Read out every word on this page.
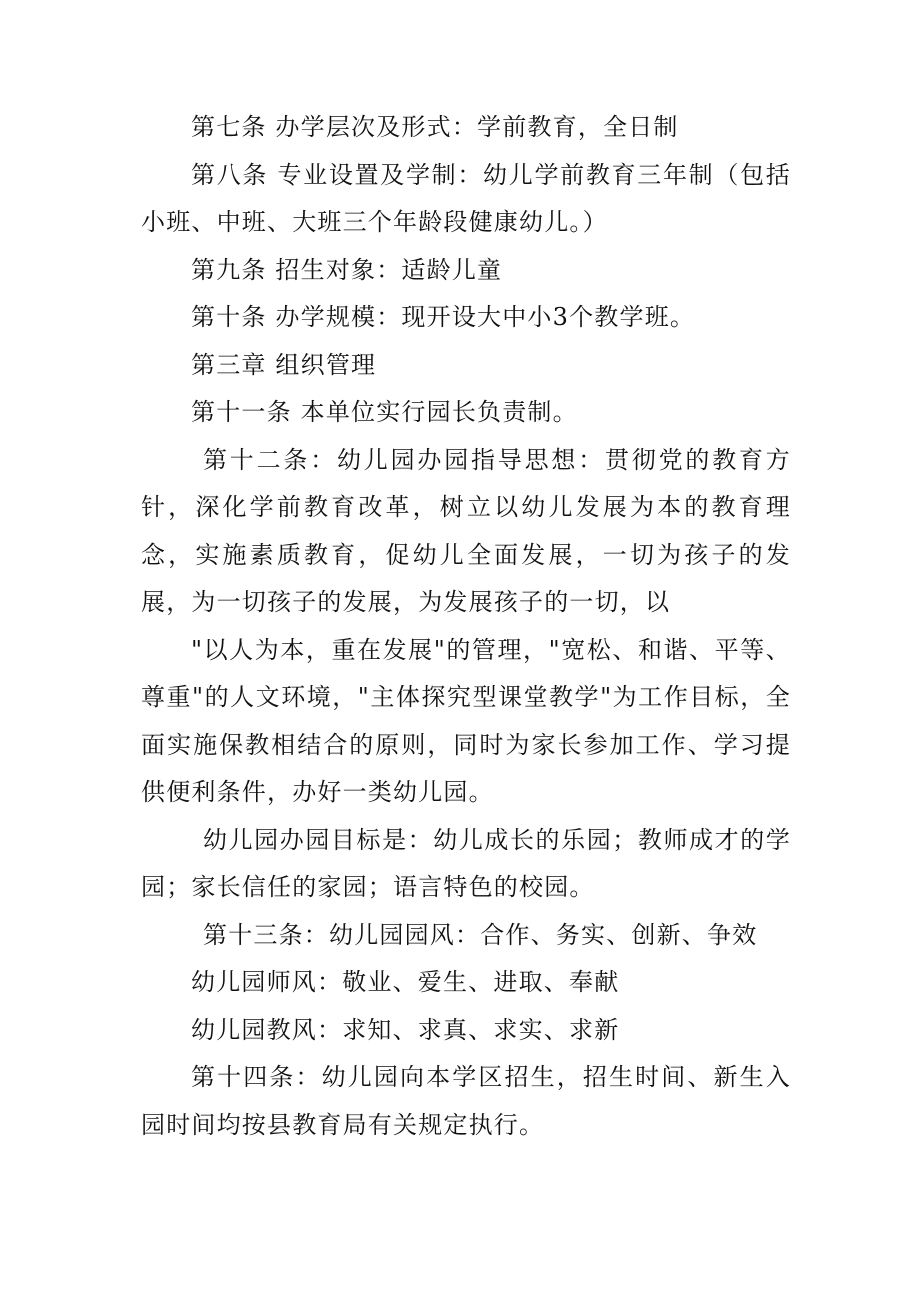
第七条 办学层次及形式：学前教育，全日制

第八条 专业设置及学制：幼儿学前教育三年制（包括小班、中班、大班三个年龄段健康幼儿。）

第九条 招生对象：适龄儿童

第十条 办学规模：现开设大中小3个教学班。

第三章 组织管理

第十一条 本单位实行园长负责制。

第十二条：幼儿园办园指导思想：贯彻党的教育方针，深化学前教育改革，树立以幼儿发展为本的教育理念，实施素质教育，促幼儿全面发展，一切为孩子的发展，为一切孩子的发展，为发展孩子的一切，以

"以人为本，重在发展"的管理，"宽松、和谐、平等、尊重"的人文环境，"主体探究型课堂教学"为工作目标，全面实施保教相结合的原则，同时为家长参加工作、学习提供便利条件，办好一类幼儿园。

幼儿园办园目标是：幼儿成长的乐园；教师成才的学园；家长信任的家园；语言特色的校园。

第十三条：幼儿园园风：合作、务实、创新、争效

幼儿园师风：敬业、爱生、进取、奉献

幼儿园教风：求知、求真、求实、求新

第十四条：幼儿园向本学区招生，招生时间、新生入园时间均按县教育局有关规定执行。
